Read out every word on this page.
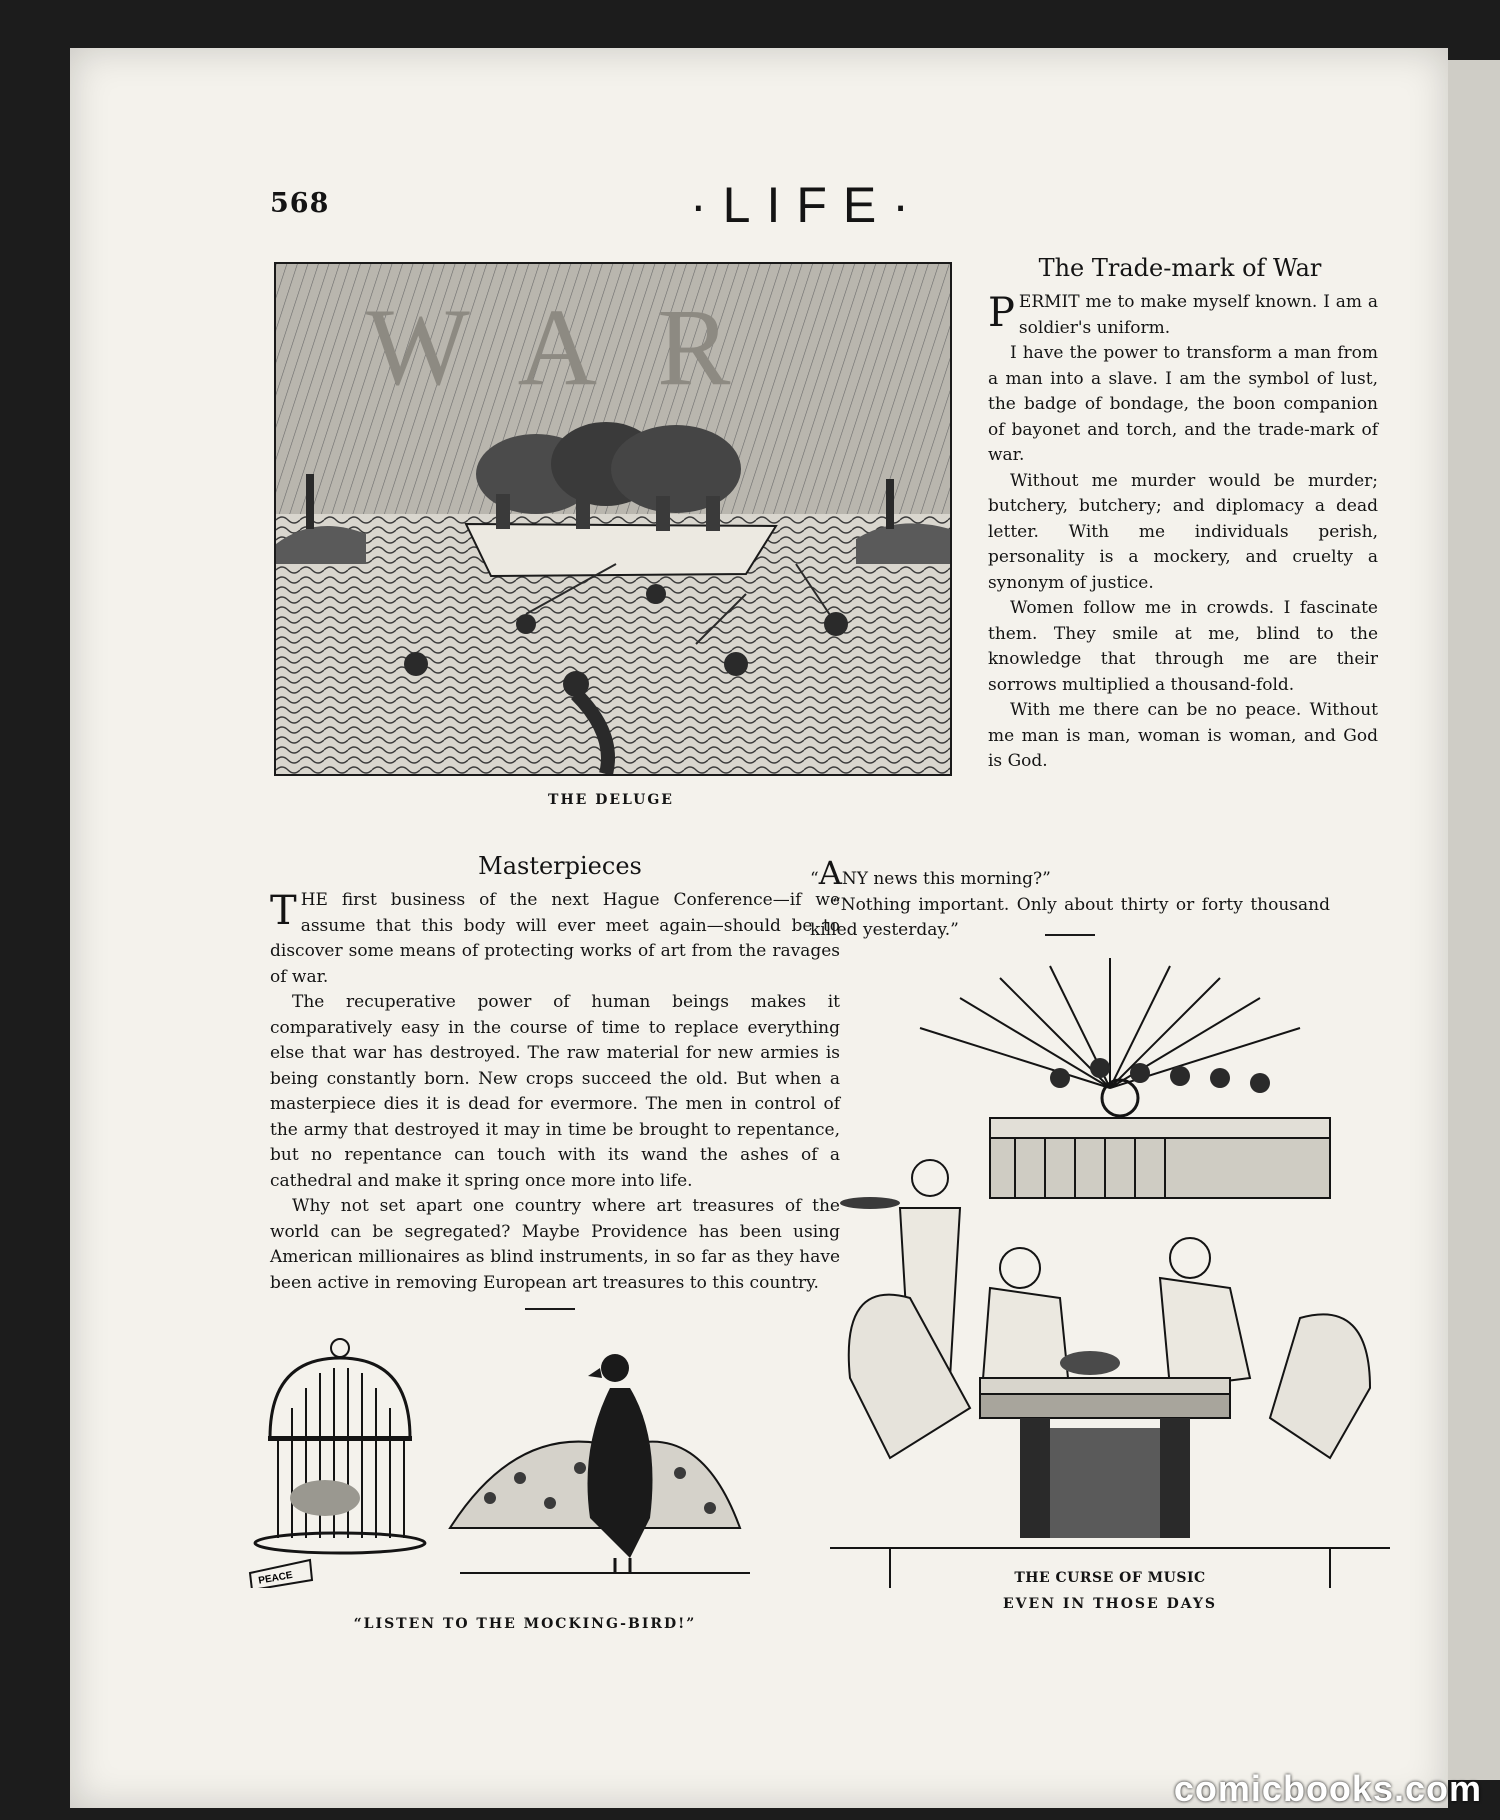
568	·LIFE·
WAR
THE DELUGE
The Trade-mark of War

PERMIT me to make myself known. I am a soldier's uniform.

I have the power to transform a man from a man into a slave. I am the symbol of lust, the badge of bondage, the boon companion of bayonet and torch, and the trade-mark of war.

Without me murder would be murder; butchery, butchery; and diplomacy a dead letter. With me individuals perish, personality is a mockery, and cruelty a synonym of justice.

Women follow me in crowds. I fascinate them. They smile at me, blind to the knowledge that through me are their sorrows multiplied a thousand-fold.

With me there can be no peace. Without me man is man, woman is woman, and God is God.

Masterpieces

THE first business of the next Hague Conference—if we assume that this body will ever meet again—should be to discover some means of protecting works of art from the ravages of war.

The recuperative power of human beings makes it comparatively easy in the course of time to replace everything else that war has destroyed. The raw material for new armies is being constantly born. New crops succeed the old. But when a masterpiece dies it is dead for evermore. The men in control of the army that destroyed it may in time be brought to repentance, but no repentance can touch with its wand the ashes of a cathedral and make it spring once more into life.

Why not set apart one country where art treasures of the world can be segregated? Maybe Providence has been using American millionaires as blind instruments, in so far as they have been active in removing European art treasures to this country.

“ANY news this morning?”

“Nothing important. Only about thirty or forty thousand killed yesterday.”

PEACE
“LISTEN TO THE MOCKING-BIRD!”
THE CURSE OF MUSIC
EVEN IN THOSE DAYS
comicbooks.com
